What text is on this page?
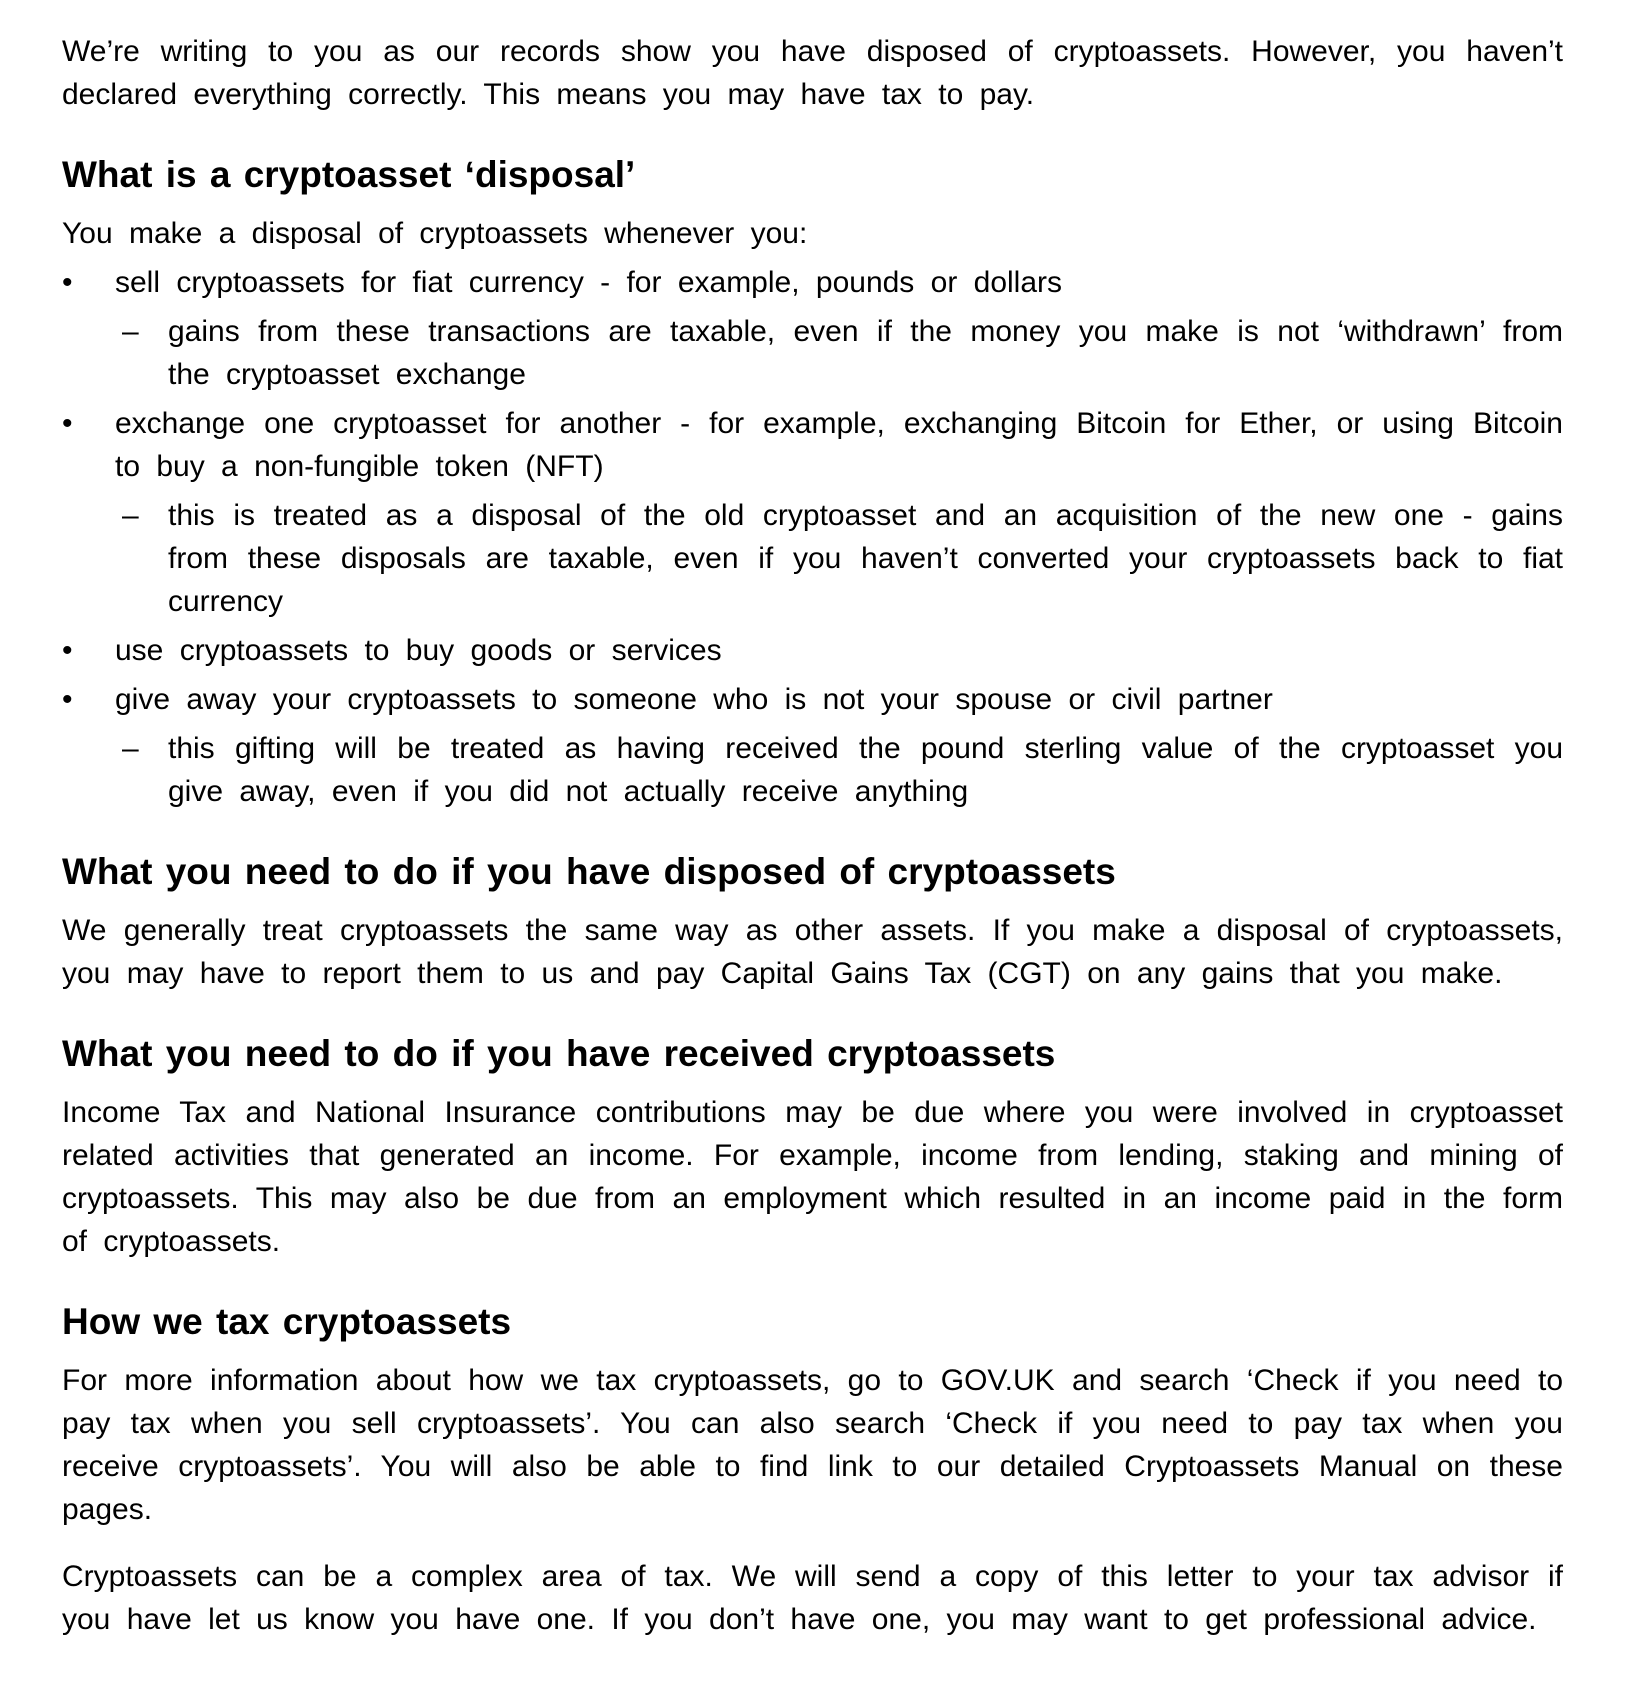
We’re writing to you as our records show you have disposed of cryptoassets. However, you haven’t declared everything correctly. This means you may have tax to pay.

What is a cryptoasset ‘disposal’

You make a disposal of cryptoassets whenever you:

•	sell cryptoassets for fiat currency - for example, pounds or dollars
– gains from these transactions are taxable, even if the money you make is not ‘withdrawn’ from the cryptoasset exchange
•	exchange one cryptoasset for another - for example, exchanging Bitcoin for Ether, or using Bitcoin to buy a non-fungible token (NFT)
– this is treated as a disposal of the old cryptoasset and an acquisition of the new one - gains from these disposals are taxable, even if you haven’t converted your cryptoassets back to fiat currency
•	use cryptoassets to buy goods or services
•	give away your cryptoassets to someone who is not your spouse or civil partner
– this gifting will be treated as having received the pound sterling value of the cryptoasset you give away, even if you did not actually receive anything
What you need to do if you have disposed of cryptoassets

We generally treat cryptoassets the same way as other assets. If you make a disposal of cryptoassets, you may have to report them to us and pay Capital Gains Tax (CGT) on any gains that you make.

What you need to do if you have received cryptoassets

Income Tax and National Insurance contributions may be due where you were involved in cryptoasset related activities that generated an income. For example, income from lending, staking and mining of cryptoassets. This may also be due from an employment which resulted in an income paid in the form of cryptoassets.

How we tax cryptoassets

For more information about how we tax cryptoassets, go to GOV.UK and search ‘Check if you need to pay tax when you sell cryptoassets’. You can also search ‘Check if you need to pay tax when you receive cryptoassets’. You will also be able to find link to our detailed Cryptoassets Manual on these pages.

Cryptoassets can be a complex area of tax. We will send a copy of this letter to your tax advisor if you have let us know you have one. If you don’t have one, you may want to get professional advice.
